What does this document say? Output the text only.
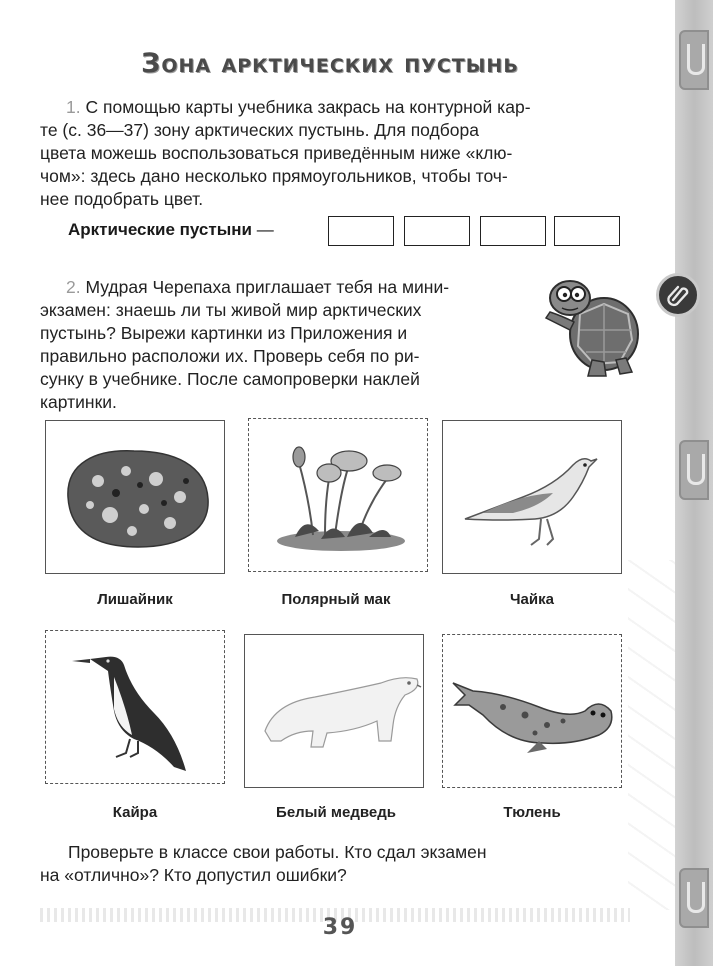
Зона арктических пустынь
1. С помощью карты учебника закрась на контурной кар-
те (с. 36—37) зону арктических пустынь. Для подбора
цвета можешь воспользоваться приведённым ниже «клю-
чом»: здесь дано несколько прямоугольников, чтобы точ-
нее подобрать цвет.
Арктические пустыни —
2. Мудрая Черепаха приглашает тебя на мини-
экзамен: знаешь ли ты живой мир арктических
пустынь? Вырежи картинки из Приложения и
правильно расположи их. Проверь себя по ри-
сунку в учебнике. После самопроверки наклей
картинки.
Лишайник	Полярный мак	Чайка
Кайра	Белый медведь	Тюлень
Проверьте в классе свои работы. Кто сдал экзамен
на «отлично»? Кто допустил ошибки?
39
